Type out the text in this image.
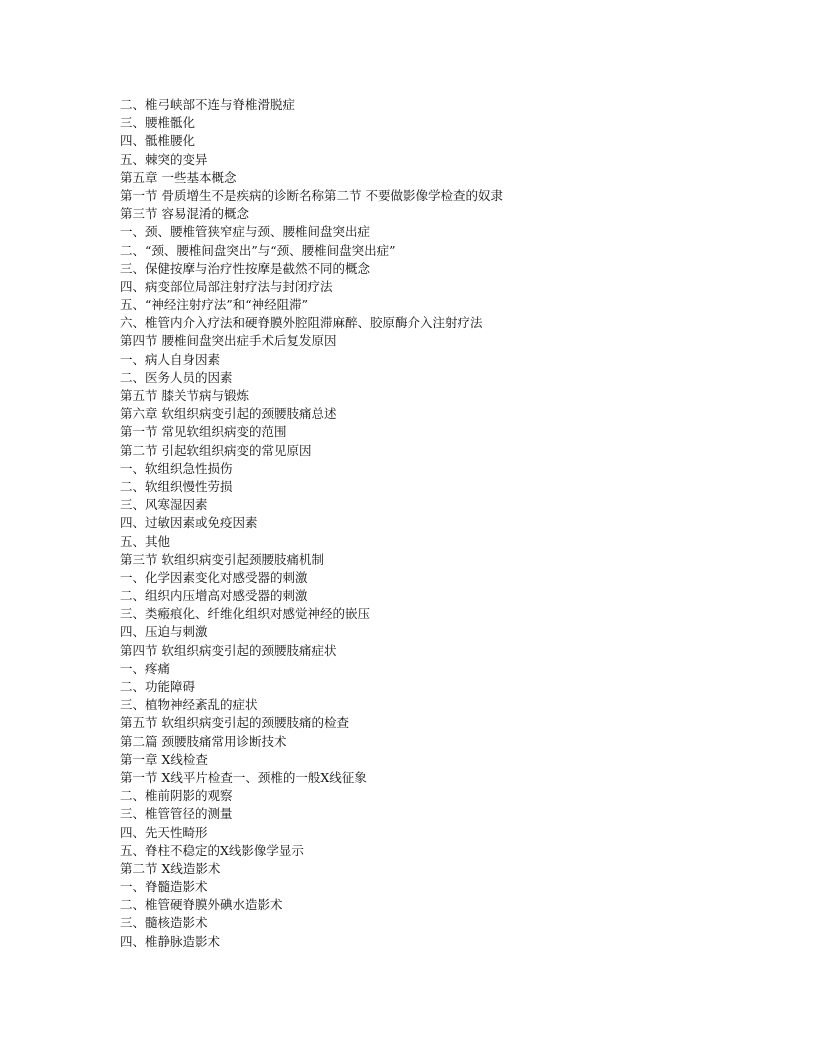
二、椎弓峡部不连与脊椎滑脱症
三、腰椎骶化
四、骶椎腰化
五、棘突的变异
第五章 一些基本概念
第一节 骨质增生不是疾病的诊断名称第二节 不要做影像学检查的奴隶
第三节 容易混淆的概念
一、颈、腰椎管狭窄症与颈、腰椎间盘突出症
二、“颈、腰椎间盘突出”与“颈、腰椎间盘突出症”
三、保健按摩与治疗性按摩是截然不同的概念
四、病变部位局部注射疗法与封闭疗法
五、“神经注射疗法”和“神经阻滞”
六、椎管内介入疗法和硬脊膜外腔阻滞麻醉、胶原酶介入注射疗法
第四节 腰椎间盘突出症手术后复发原因
一、病人自身因素
二、医务人员的因素
第五节 膝关节病与锻炼
第六章 软组织病变引起的颈腰肢痛总述
第一节 常见软组织病变的范围
第二节 引起软组织病变的常见原因
一、软组织急性损伤
二、软组织慢性劳损
三、风寒湿因素
四、过敏因素或免疫因素
五、其他
第三节 软组织病变引起颈腰肢痛机制
一、化学因素变化对感受器的刺激
二、组织内压增高对感受器的刺激
三、类瘢痕化、纤维化组织对感觉神经的嵌压
四、压迫与刺激
第四节 软组织病变引起的颈腰肢痛症状
一、疼痛
二、功能障碍
三、植物神经紊乱的症状
第五节 软组织病变引起的颈腰肢痛的检查
第二篇 颈腰肢痛常用诊断技术
第一章 X线检查
第一节 X线平片检查一、颈椎的一般X线征象
二、椎前阴影的观察
三、椎管管径的测量
四、先天性畸形
五、脊柱不稳定的X线影像学显示
第二节 X线造影术
一、脊髓造影术
二、椎管硬脊膜外碘水造影术
三、髓核造影术
四、椎静脉造影术
